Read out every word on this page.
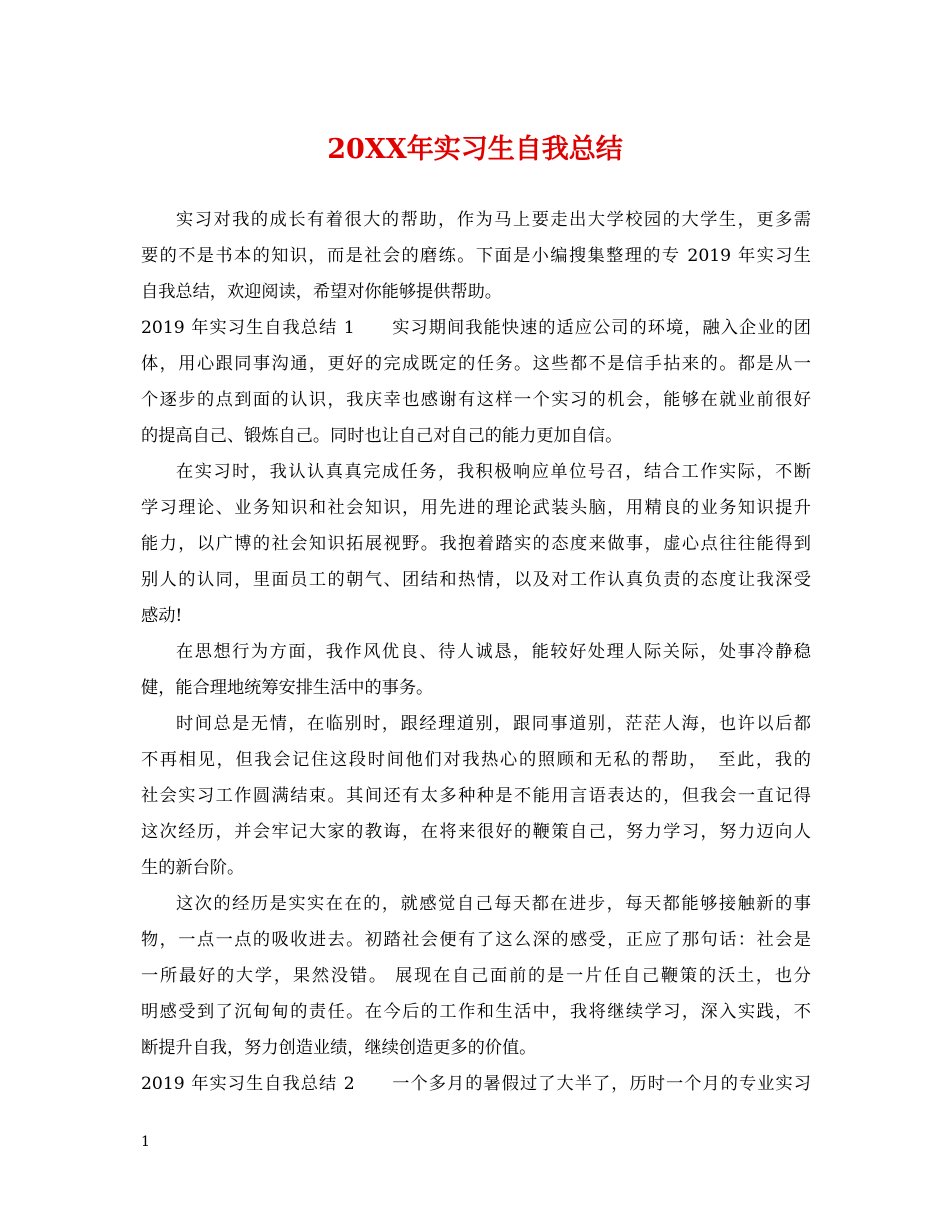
20XX年实习生自我总结
实习对我的成长有着很大的帮助，作为马上要走出大学校园的大学生，更多需
要的不是书本的知识，而是社会的磨练。下面是小编搜集整理的专 2019 年实习生
自我总结，欢迎阅读，希望对你能够提供帮助。
2019 年实习生自我总结 1　　实习期间我能快速的适应公司的环境，融入企业的团
体，用心跟同事沟通，更好的完成既定的任务。这些都不是信手拈来的。都是从一
个逐步的点到面的认识，我庆幸也感谢有这样一个实习的机会，能够在就业前很好
的提高自己、锻炼自己。同时也让自己对自己的能力更加自信。
在实习时，我认认真真完成任务，我积极响应单位号召，结合工作实际，不断
学习理论、业务知识和社会知识，用先进的理论武装头脑，用精良的业务知识提升
能力，以广博的社会知识拓展视野。我抱着踏实的态度来做事，虚心点往往能得到
别人的认同，里面员工的朝气、团结和热情，以及对工作认真负责的态度让我深受
感动!
在思想行为方面，我作风优良、待人诚恳，能较好处理人际关际，处事冷静稳
健，能合理地统筹安排生活中的事务。
时间总是无情，在临别时，跟经理道别，跟同事道别，茫茫人海，也许以后都
不再相见，但我会记住这段时间他们对我热心的照顾和无私的帮助，　至此，我的
社会实习工作圆满结束。其间还有太多种种是不能用言语表达的，但我会一直记得
这次经历，并会牢记大家的教诲，在将来很好的鞭策自己，努力学习，努力迈向人
生的新台阶。
这次的经历是实实在在的，就感觉自己每天都在进步，每天都能够接触新的事
物，一点一点的吸收进去。初踏社会便有了这么深的感受，正应了那句话：社会是
一所最好的大学，果然没错。 展现在自己面前的是一片任自己鞭策的沃土，也分
明感受到了沉甸甸的责任。在今后的工作和生活中，我将继续学习，深入实践，不
断提升自我，努力创造业绩，继续创造更多的价值。
2019 年实习生自我总结 2　　一个多月的暑假过了大半了，历时一个月的专业实习
1
